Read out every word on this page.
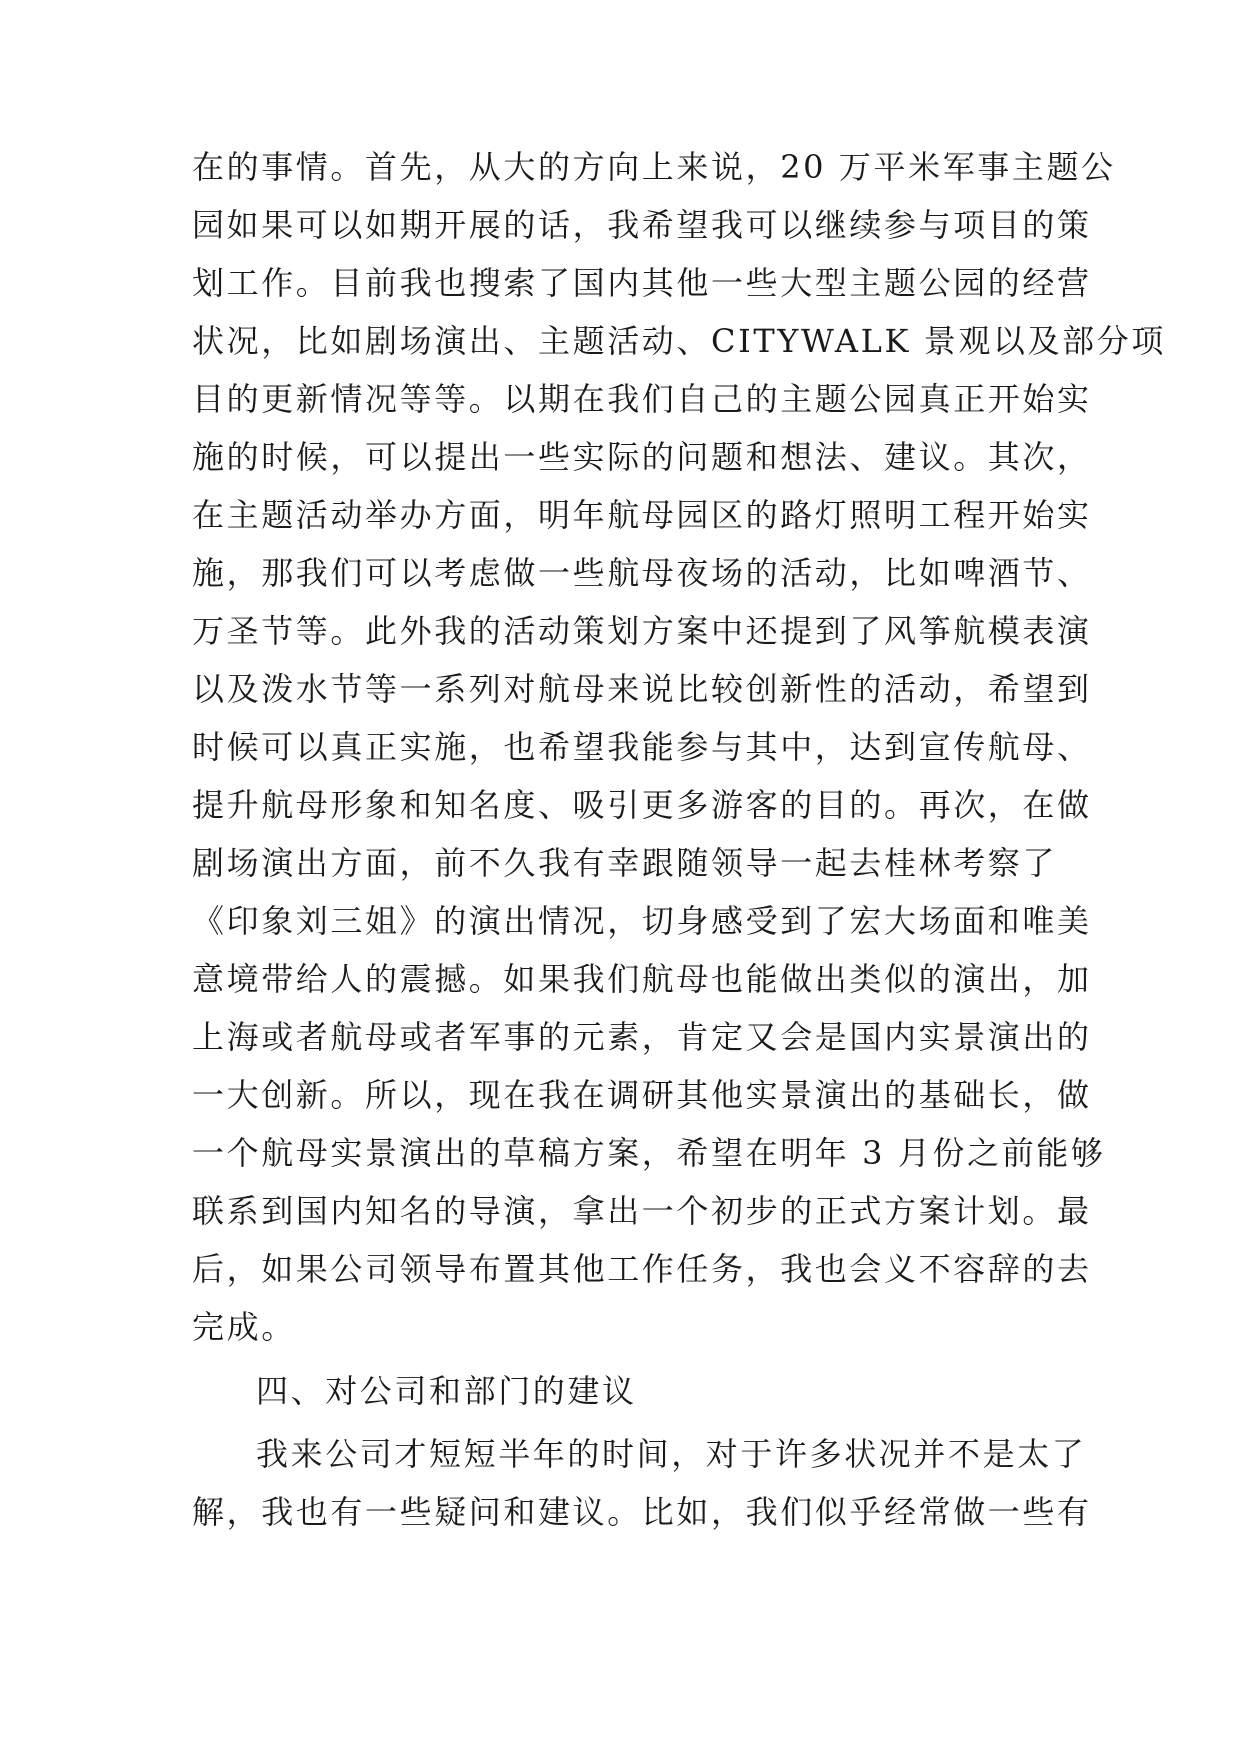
在的事情。首先，从大的方向上来说，20 万平米军事主题公
园如果可以如期开展的话，我希望我可以继续参与项目的策
划工作。目前我也搜索了国内其他一些大型主题公园的经营
状况，比如剧场演出、主题活动、CITYWALK 景观以及部分项
目的更新情况等等。以期在我们自己的主题公园真正开始实
施的时候，可以提出一些实际的问题和想法、建议。其次，
在主题活动举办方面，明年航母园区的路灯照明工程开始实
施，那我们可以考虑做一些航母夜场的活动，比如啤酒节、
万圣节等。此外我的活动策划方案中还提到了风筝航模表演
以及泼水节等一系列对航母来说比较创新性的活动，希望到
时候可以真正实施，也希望我能参与其中，达到宣传航母、
提升航母形象和知名度、吸引更多游客的目的。再次，在做
剧场演出方面，前不久我有幸跟随领导一起去桂林考察了
《印象刘三姐》的演出情况，切身感受到了宏大场面和唯美
意境带给人的震撼。如果我们航母也能做出类似的演出，加
上海或者航母或者军事的元素，肯定又会是国内实景演出的
一大创新。所以，现在我在调研其他实景演出的基础长，做
一个航母实景演出的草稿方案，希望在明年 3 月份之前能够
联系到国内知名的导演，拿出一个初步的正式方案计划。最
后，如果公司领导布置其他工作任务，我也会义不容辞的去
完成。
四、对公司和部门的建议
我来公司才短短半年的时间，对于许多状况并不是太了
解，我也有一些疑问和建议。比如，我们似乎经常做一些有
